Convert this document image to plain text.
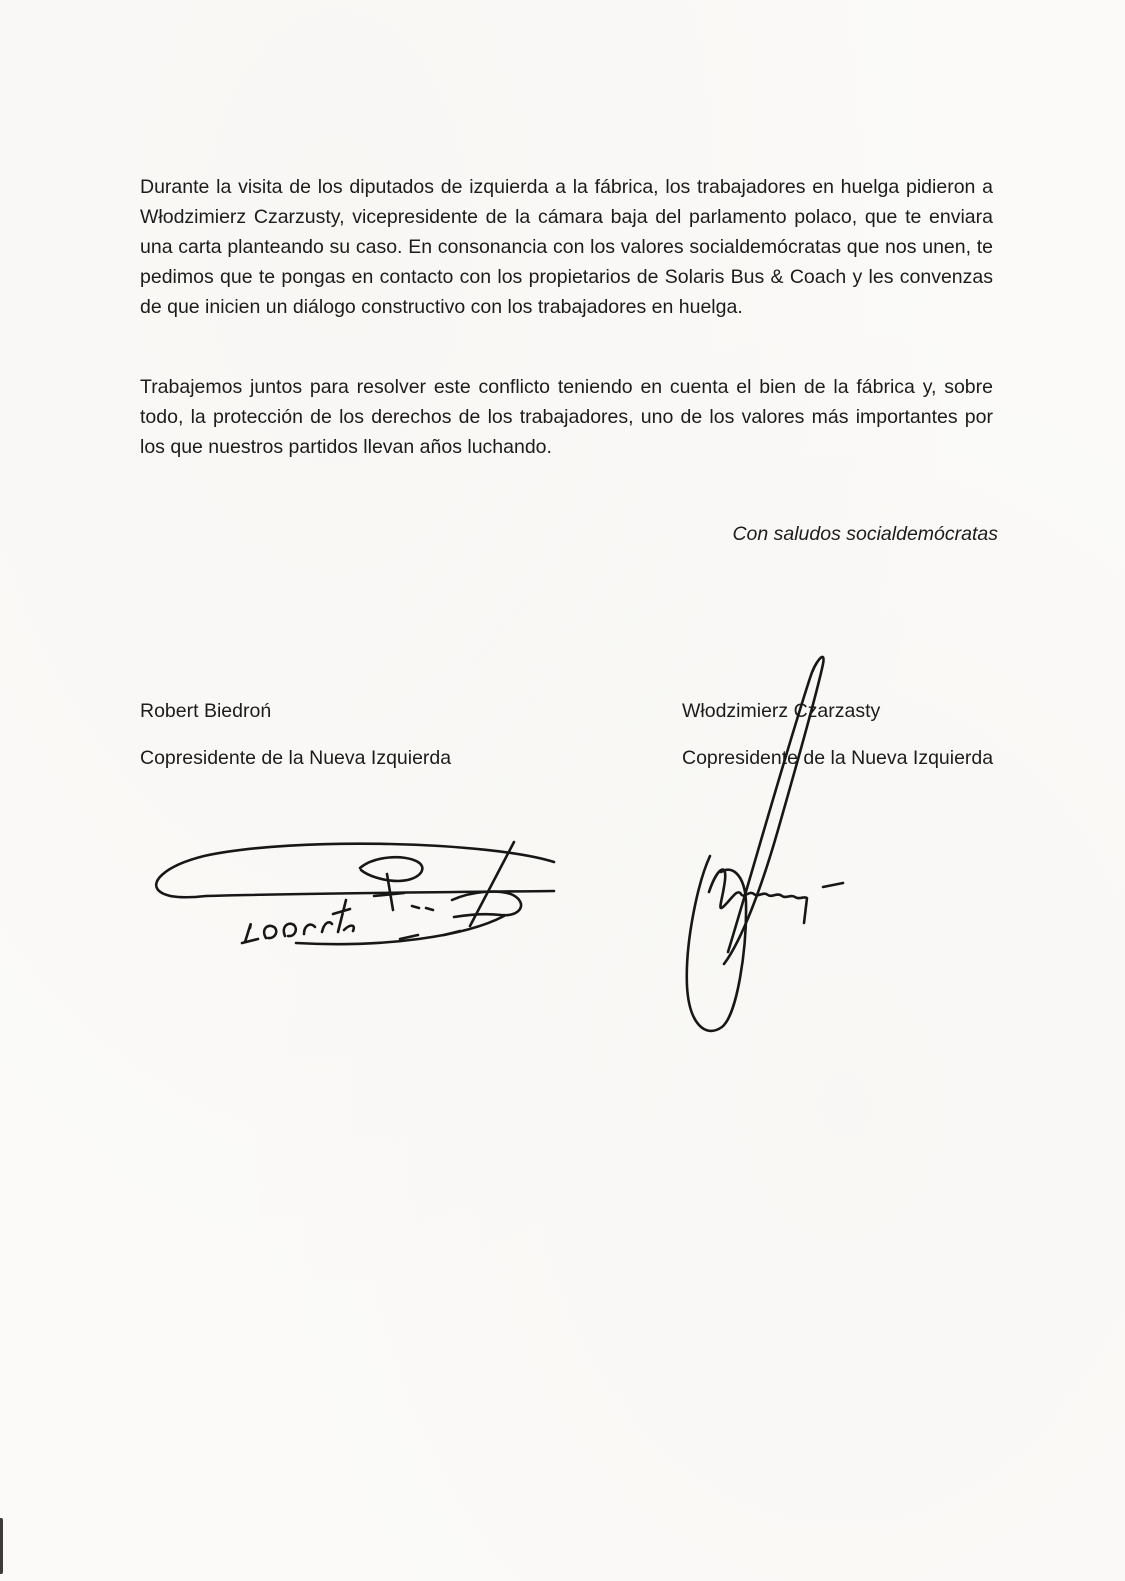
Durante la visita de los diputados de izquierda a la fábrica, los trabajadores en huelga pidieron a Włodzimierz Czarzusty, vicepresidente de la cámara baja del parlamento polaco, que te enviara una carta planteando su caso. En consonancia con los valores socialdemócratas que nos unen, te pedimos que te pongas en contacto con los propietarios de Solaris Bus & Coach y les convenzas de que inicien un diálogo constructivo con los trabajadores en huelga.

Trabajemos juntos para resolver este conflicto teniendo en cuenta el bien de la fábrica y, sobre todo, la protección de los derechos de los trabajadores, uno de los valores más importantes por los que nuestros partidos llevan años luchando.

Con saludos socialdemócratas

Robert Biedroń
Copresidente de la Nueva Izquierda
Włodzimierz Czarzasty
Copresidente de la Nueva Izquierda
